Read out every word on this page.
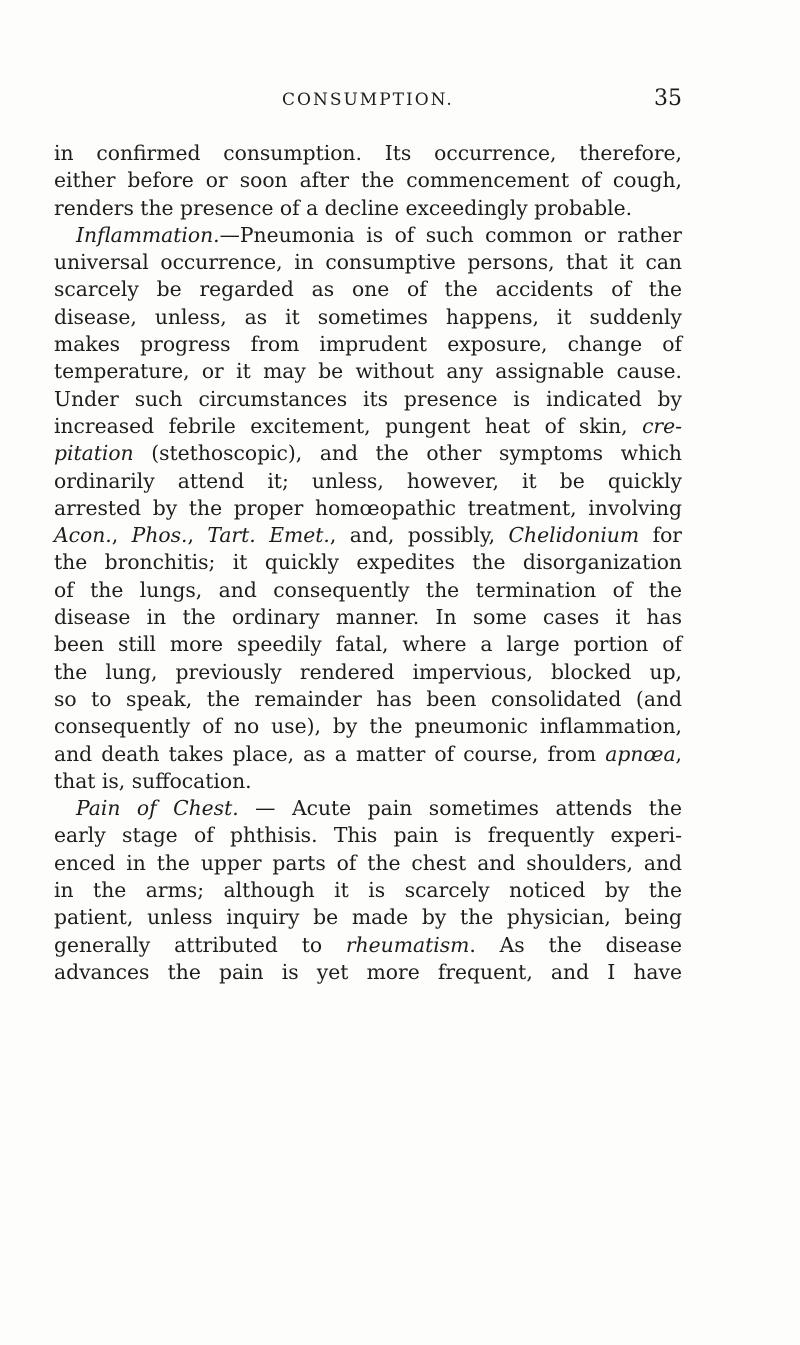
CONSUMPTION.	35
in confirmed consumption. Its occurrence, therefore,
either before or soon after the commencement of cough,
renders the presence of a decline exceedingly probable.
Inflammation.—Pneumonia is of such common or rather
universal occurrence, in consumptive persons, that it can
scarcely be regarded as one of the accidents of the
disease, unless, as it sometimes happens, it suddenly
makes progress from imprudent exposure, change of
temperature, or it may be without any assignable cause.
Under such circumstances its presence is indicated by
increased febrile excitement, pungent heat of skin, cre-
pitation (stethoscopic), and the other symptoms which
ordinarily attend it; unless, however, it be quickly
arrested by the proper homœopathic treatment, involving
Acon., Phos., Tart. Emet., and, possibly, Chelidonium for
the bronchitis; it quickly expedites the disorganization
of the lungs, and consequently the termination of the
disease in the ordinary manner. In some cases it has
been still more speedily fatal, where a large portion of
the lung, previously rendered impervious, blocked up,
so to speak, the remainder has been consolidated (and
consequently of no use), by the pneumonic inflammation,
and death takes place, as a matter of course, from apnœa,
that is, suffocation.
Pain of Chest. — Acute pain sometimes attends the
early stage of phthisis. This pain is frequently experi-
enced in the upper parts of the chest and shoulders, and
in the arms; although it is scarcely noticed by the
patient, unless inquiry be made by the physician, being
generally attributed to rheumatism. As the disease
advances the pain is yet more frequent, and I have
